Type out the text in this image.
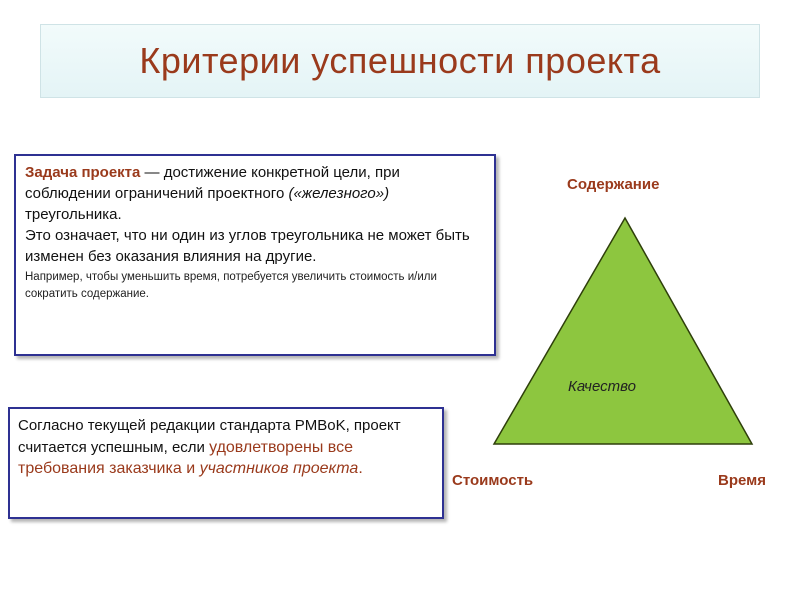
Критерии успешности проекта
Задача проекта — достижение конкретной цели, при соблюдении ограничений проектного («железного») треугольника.
Это означает, что ни один из углов треугольника не может быть изменен без оказания влияния на другие.
Например, чтобы уменьшить время, потребуется увеличить стоимость и/или сократить содержание.
Согласно текущей редакции стандарта PMBoK, проект считается успешным, если удовлетворены все требования заказчика и участников проекта.
Содержание
Стоимость	Время
Качество
